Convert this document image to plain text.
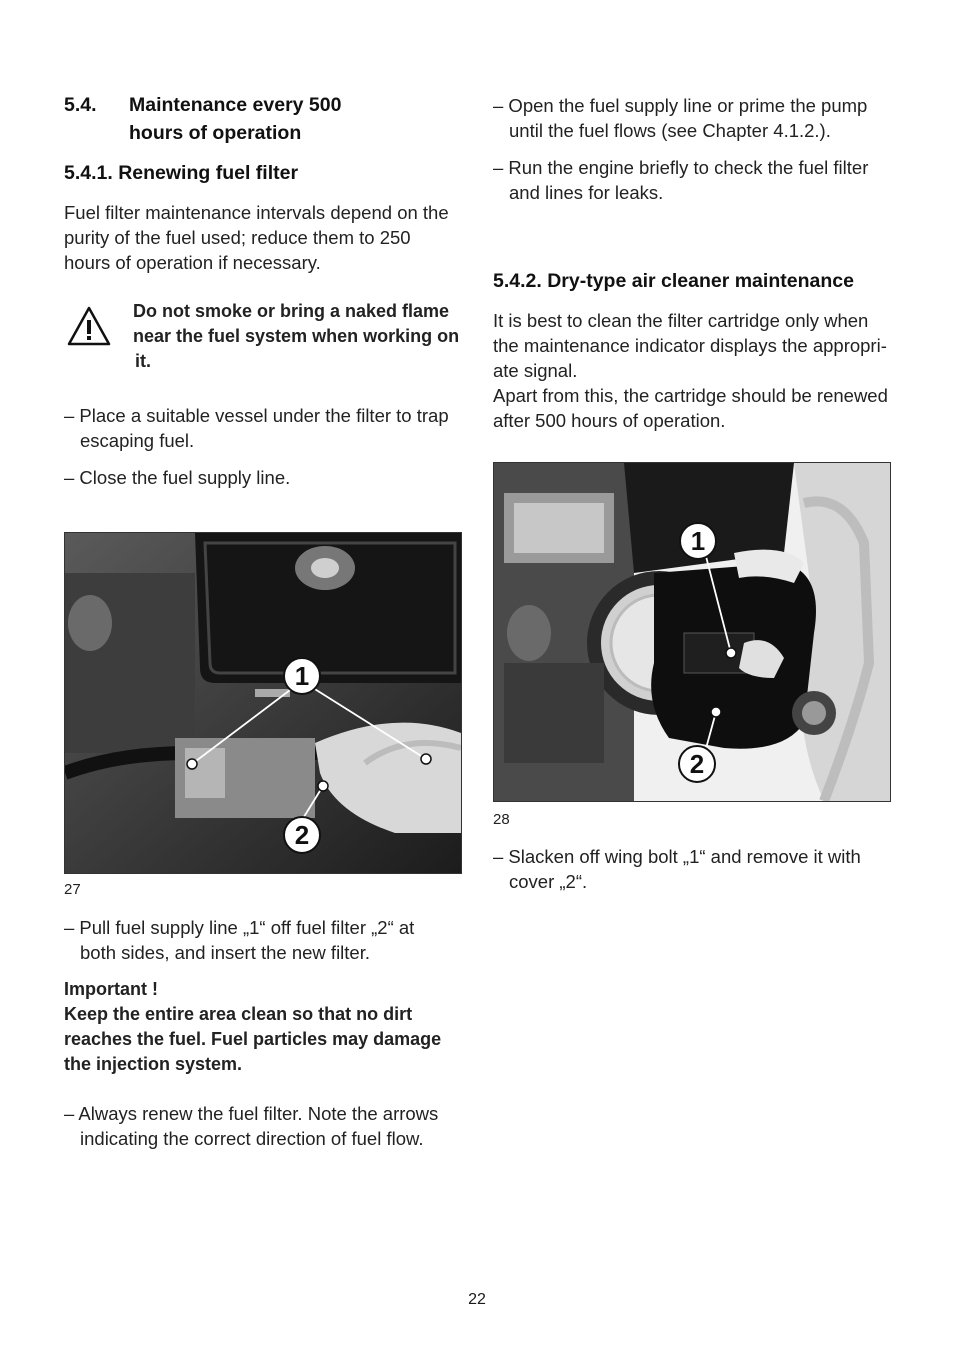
5.4. Maintenance every 500
hours of operation
5.4.1. Renewing fuel filter
Fuel filter maintenance intervals depend on the
purity of the fuel used; reduce them to 250
hours of operation if necessary.
Do not smoke or bring a naked flame
near the fuel system when working on
it.
– Place a suitable vessel under the filter to trap
escaping fuel.
– Close the fuel supply line.
1
2
27
– Pull fuel supply line „1“ off fuel filter „2“ at
both sides, and insert the new filter.
Important !
Keep the entire area clean so that no dirt
reaches the fuel. Fuel particles may damage
the injection system.
– Always renew the fuel filter. Note the arrows
indicating the correct direction of fuel flow.
– Open the fuel supply line or prime the pump
until the fuel flows (see Chapter 4.1.2.).
– Run the engine briefly to check the fuel filter
and lines for leaks.
5.4.2. Dry-type air cleaner maintenance
It is best to clean the filter cartridge only when
the maintenance indicator displays the appropri-
ate signal.
Apart from this, the cartridge should be renewed
after 500 hours of operation.
1
2
28
– Slacken off wing bolt „1“ and remove it with
cover „2“.
22
